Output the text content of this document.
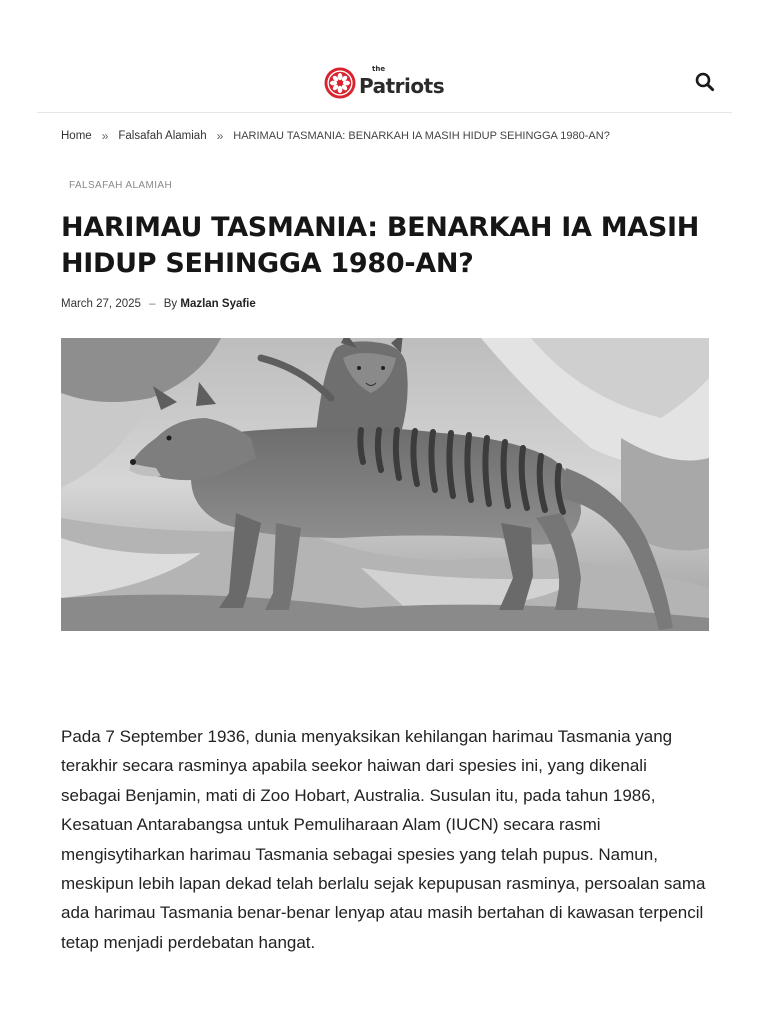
the
Patriots
Home » Falsafah Alamiah » HARIMAU TASMANIA: BENARKAH IA MASIH HIDUP SEHINGGA 1980-AN?
FALSAFAH ALAMIAH
HARIMAU TASMANIA: BENARKAH IA MASIH HIDUP SEHINGGA 1980-AN?
March 27, 2025 – By Mazlan Syafie

Pada 7 September 1936, dunia menyaksikan kehilangan harimau Tasmania yang terakhir secara rasminya apabila seekor haiwan dari spesies ini, yang dikenali sebagai Benjamin, mati di Zoo Hobart, Australia. Susulan itu, pada tahun 1986, Kesatuan Antarabangsa untuk Pemuliharaan Alam (IUCN) secara rasmi mengisytiharkan harimau Tasmania sebagai spesies yang telah pupus. Namun, meskipun lebih lapan dekad telah berlalu sejak kepupusan rasminya, persoalan sama ada harimau Tasmania benar-benar lenyap atau masih bertahan di kawasan terpencil tetap menjadi perdebatan hangat.
